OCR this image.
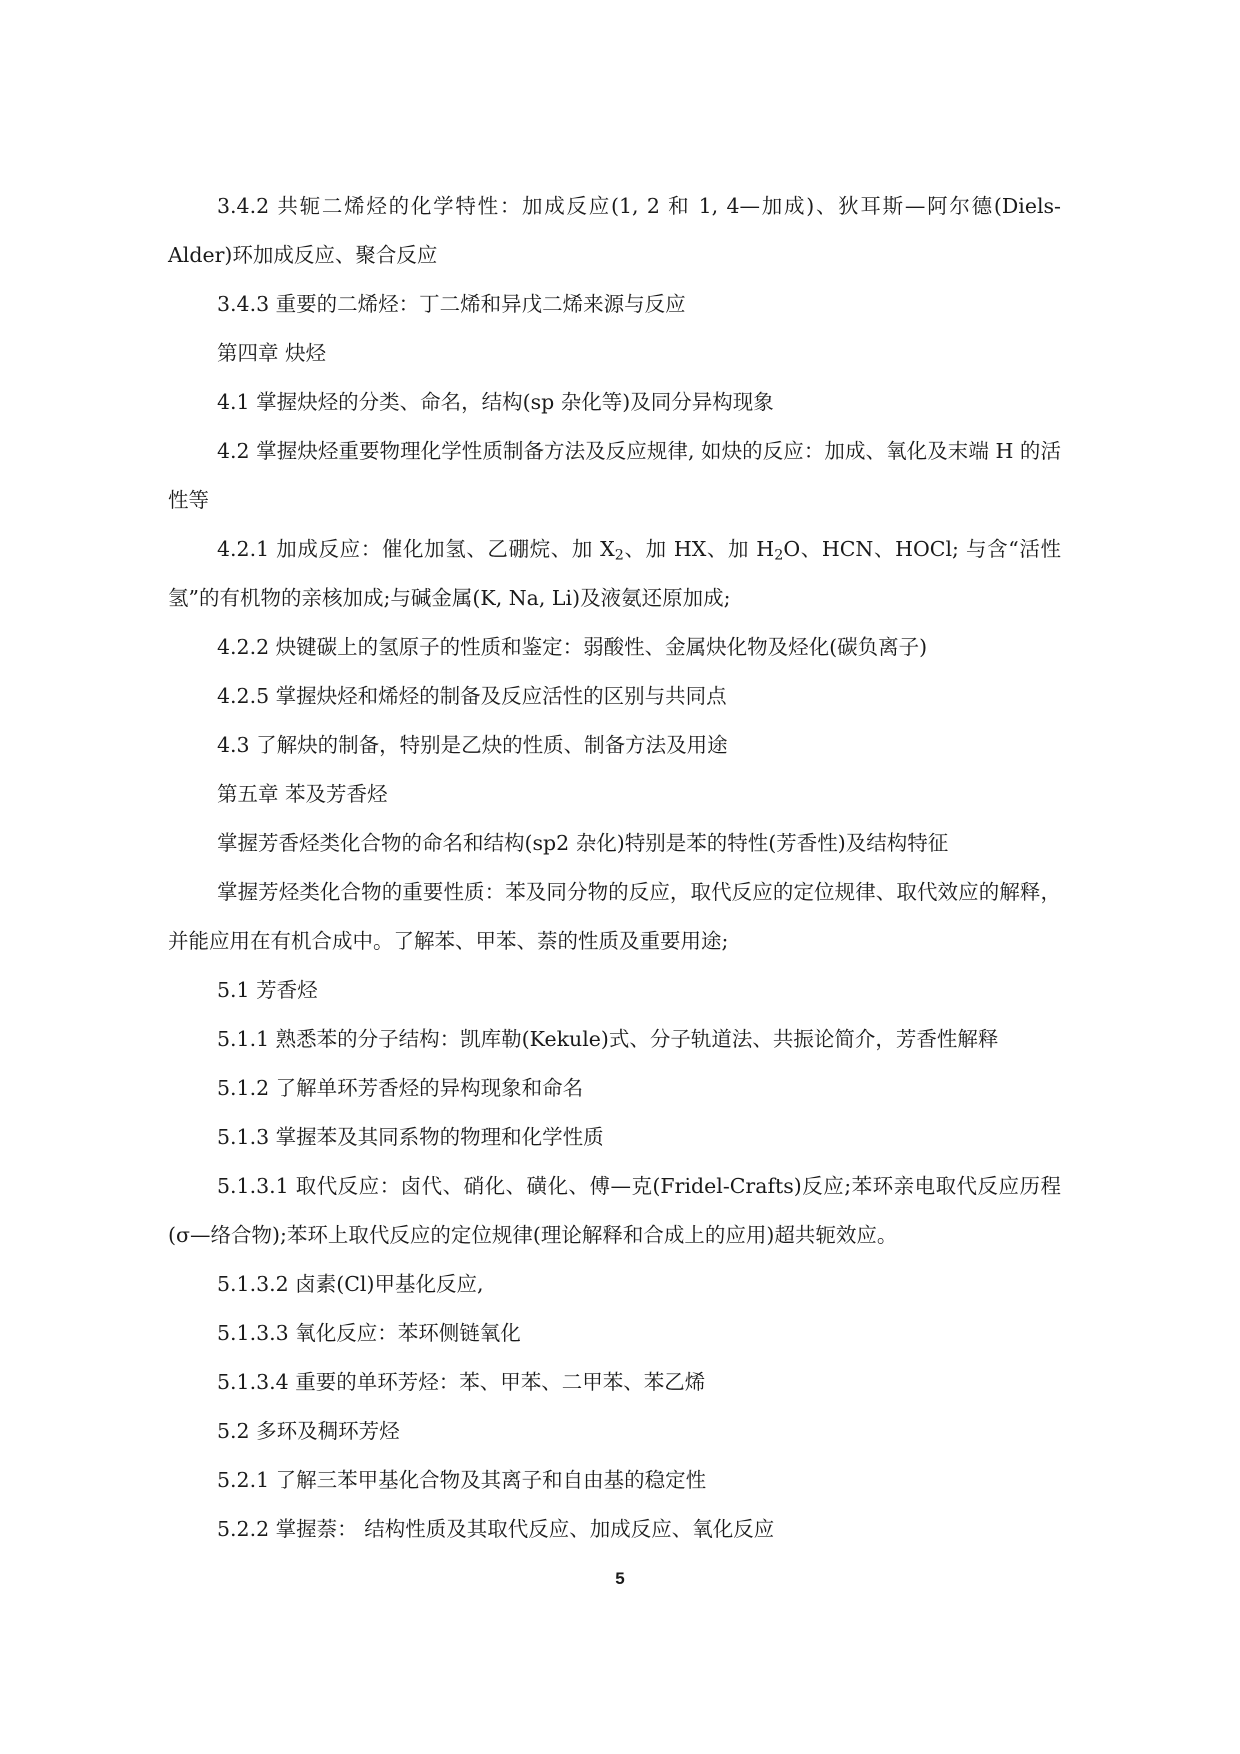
3.4.2 共轭二烯烃的化学特性：加成反应(1, 2 和 1, 4—加成)、狄耳斯—阿尔德(Diels-Alder)环加成反应、聚合反应

3.4.3 重要的二烯烃：丁二烯和异戊二烯来源与反应

第四章 炔烃

4.1 掌握炔烃的分类、命名，结构(sp 杂化等)及同分异构现象

4.2 掌握炔烃重要物理化学性质制备方法及反应规律, 如炔的反应：加成、氧化及末端 H 的活性等

4.2.1 加成反应：催化加氢、乙硼烷、加 $X_2$、加 HX、加 $H_2O$、HCN、HOCl; 与含“活性氢”的有机物的亲核加成;与碱金属(K, Na, Li)及液氨还原加成;

4.2.2 炔键碳上的氢原子的性质和鉴定：弱酸性、金属炔化物及烃化(碳负离子)

4.2.5 掌握炔烃和烯烃的制备及反应活性的区别与共同点

4.3 了解炔的制备，特别是乙炔的性质、制备方法及用途

第五章 苯及芳香烃

掌握芳香烃类化合物的命名和结构(sp2 杂化)特别是苯的特性(芳香性)及结构特征

掌握芳烃类化合物的重要性质：苯及同分物的反应，取代反应的定位规律、取代效应的解释，并能应用在有机合成中。了解苯、甲苯、萘的性质及重要用途;

5.1 芳香烃

5.1.1 熟悉苯的分子结构：凯库勒(Kekule)式、分子轨道法、共振论简介，芳香性解释

5.1.2 了解单环芳香烃的异构现象和命名

5.1.3 掌握苯及其同系物的物理和化学性质

5.1.3.1 取代反应：卤代、硝化、磺化、傅—克(Fridel-Crafts)反应;苯环亲电取代反应历程(σ—络合物);苯环上取代反应的定位规律(理论解释和合成上的应用)超共轭效应。

5.1.3.2 卤素(Cl)甲基化反应,

5.1.3.3 氧化反应：苯环侧链氧化

5.1.3.4 重要的单环芳烃：苯、甲苯、二甲苯、苯乙烯

5.2 多环及稠环芳烃

5.2.1 了解三苯甲基化合物及其离子和自由基的稳定性

5.2.2 掌握萘： 结构性质及其取代反应、加成反应、氧化反应

5
